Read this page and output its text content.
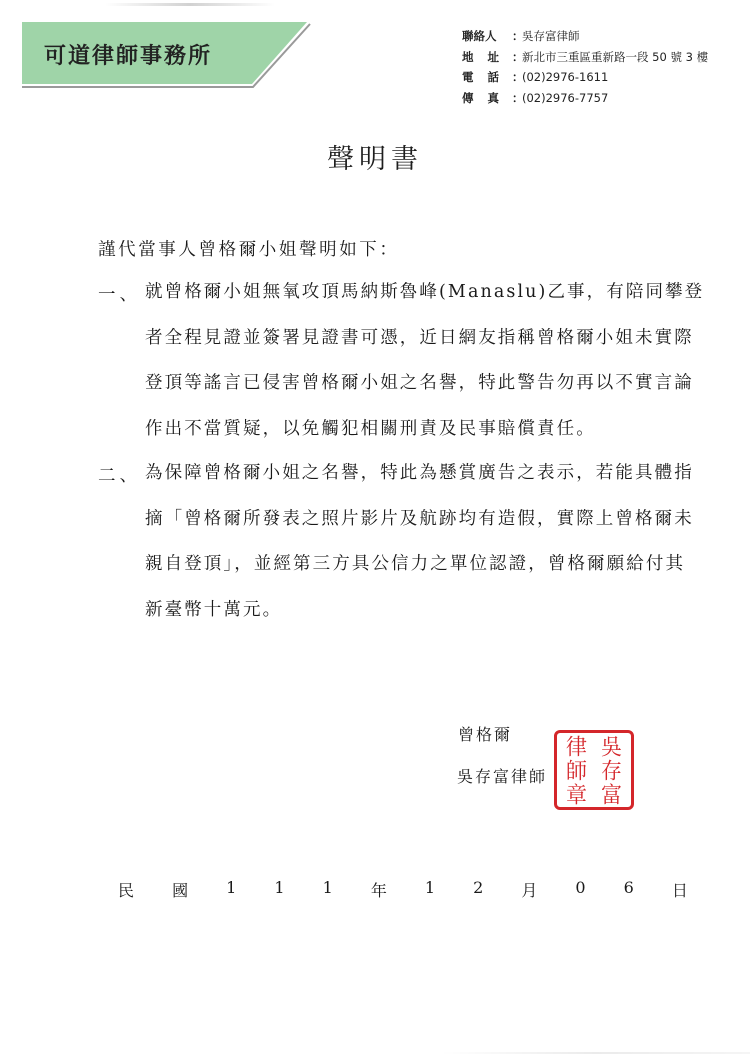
可道律師事務所
聯絡人	：
吳存富律師
地址 ：
新北市三重區重新路一段 50 號 3 樓
電話 ：
(02)2976-1611
傳真 ：
(02)2976-7757
聲明書
謹代當事人曾格爾小姐聲明如下：
一、 就曾格爾小姐無氧攻頂馬納斯魯峰(Manaslu)乙事，有陪同攀登
者全程見證並簽署見證書可憑，近日網友指稱曾格爾小姐未實際
登頂等謠言已侵害曾格爾小姐之名譽，特此警告勿再以不實言論
作出不當質疑，以免觸犯相關刑責及民事賠償責任。
二、 為保障曾格爾小姐之名譽，特此為懸賞廣告之表示，若能具體指
摘「曾格爾所發表之照片影片及航跡均有造假，實際上曾格爾未
親自登頂」，並經第三方具公信力之單位認證，曾格爾願給付其
新臺幣十萬元。
曾格爾
吳存富律師
吳
存
富
律
師
章
民 國 1 1 1 年 1 2 月 0 6 日
